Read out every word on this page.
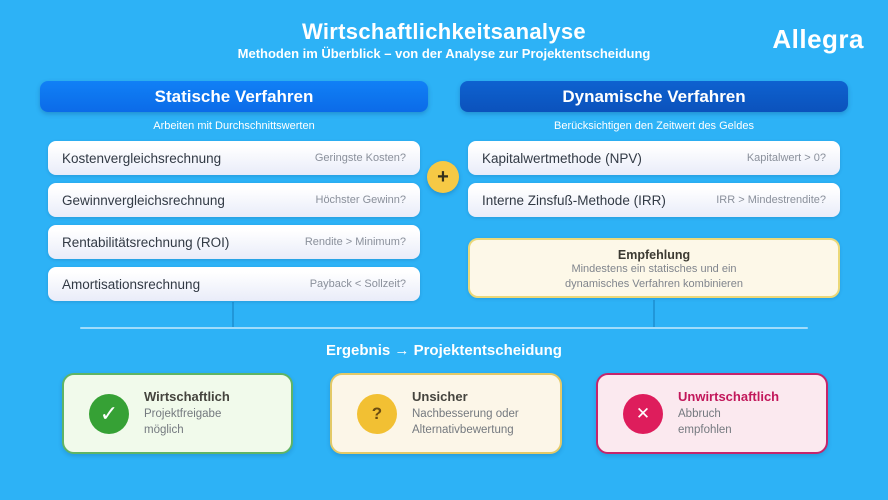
Wirtschaftlichkeitsanalyse
Methoden im Überblick – von der Analyse zur Projektentscheidung	Allegra
Statische Verfahren
Arbeiten mit Durchschnittswerten
Kostenvergleichsrechnung	Geringste Kosten?
Gewinnvergleichsrechnung	Höchster Gewinn?
Rentabilitätsrechnung (ROI)	Rendite > Minimum?
Amortisationsrechnung	Payback < Sollzeit?
Dynamische Verfahren
Berücksichtigen den Zeitwert des Geldes
Kapitalwertmethode (NPV)	Kapitalwert > 0?
Interne Zinsfuß-Methode (IRR)	IRR > Mindestrendite?
Empfehlung
Mindestens ein statisches und ein
dynamisches Verfahren kombinieren
+
Ergebnis → Projektentscheidung
✓
Wirtschaftlich
Projektfreigabe
möglich
?
Unsicher
Nachbesserung oder
Alternativbewertung
✕
Unwirtschaftlich
Abbruch
empfohlen
